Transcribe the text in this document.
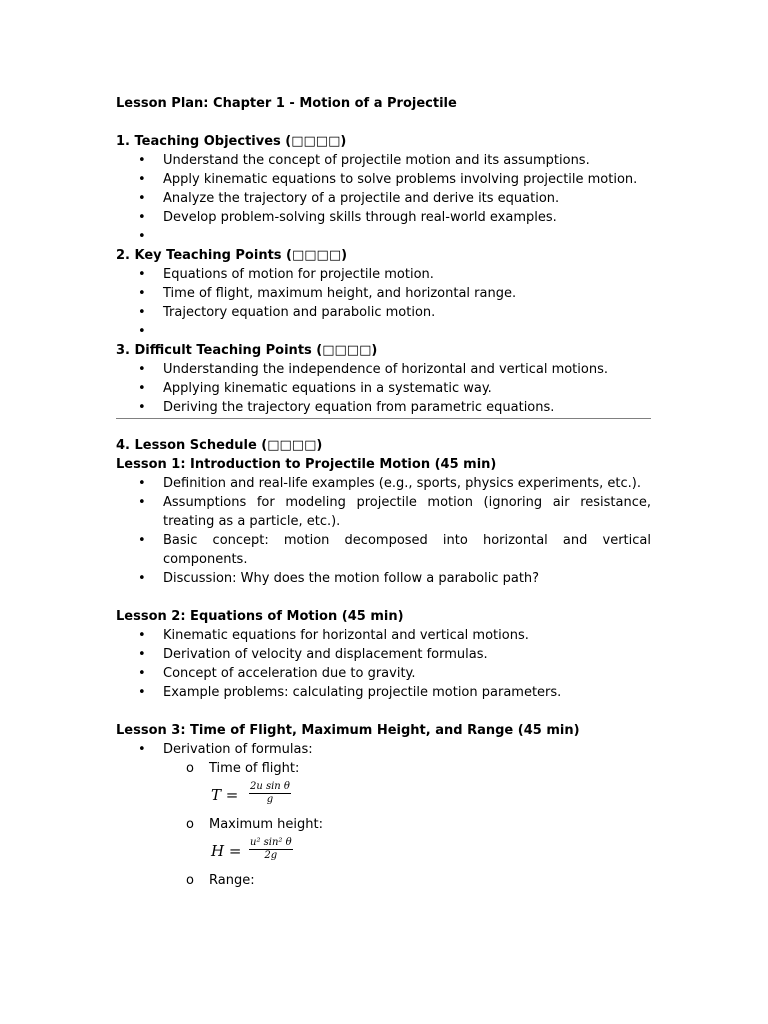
Lesson Plan: Chapter 1 - Motion of a Projectile
1. Teaching Objectives (□□□□)
• Understand the concept of projectile motion and its assumptions.
• Apply kinematic equations to solve problems involving projectile motion.
• Analyze the trajectory of a projectile and derive its equation.
• Develop problem-solving skills through real-world examples.
•
2. Key Teaching Points (□□□□)
• Equations of motion for projectile motion.
• Time of flight, maximum height, and horizontal range.
• Trajectory equation and parabolic motion.
•
3. Difficult Teaching Points (□□□□)
• Understanding the independence of horizontal and vertical motions.
• Applying kinematic equations in a systematic way.
• Deriving the trajectory equation from parametric equations.
4. Lesson Schedule (□□□□)
Lesson 1: Introduction to Projectile Motion (45 min)
• Definition and real-life examples (e.g., sports, physics experiments, etc.).
• Assumptions for modeling projectile motion (ignoring air resistance, treating as a particle, etc.).
• Basic concept: motion decomposed into horizontal and vertical components.
• Discussion: Why does the motion follow a parabolic path?
Lesson 2: Equations of Motion (45 min)
• Kinematic equations for horizontal and vertical motions.
• Derivation of velocity and displacement formulas.
• Concept of acceleration due to gravity.
• Example problems: calculating projectile motion parameters.
Lesson 3: Time of Flight, Maximum Height, and Range (45 min)
• Derivation of formulas:
o Time of flight:
$T = \frac{\text{2u sin θ}}{g}$
o Maximum height:
$H = \frac{\text{u² sin² θ}}{2g}$
o Range:
